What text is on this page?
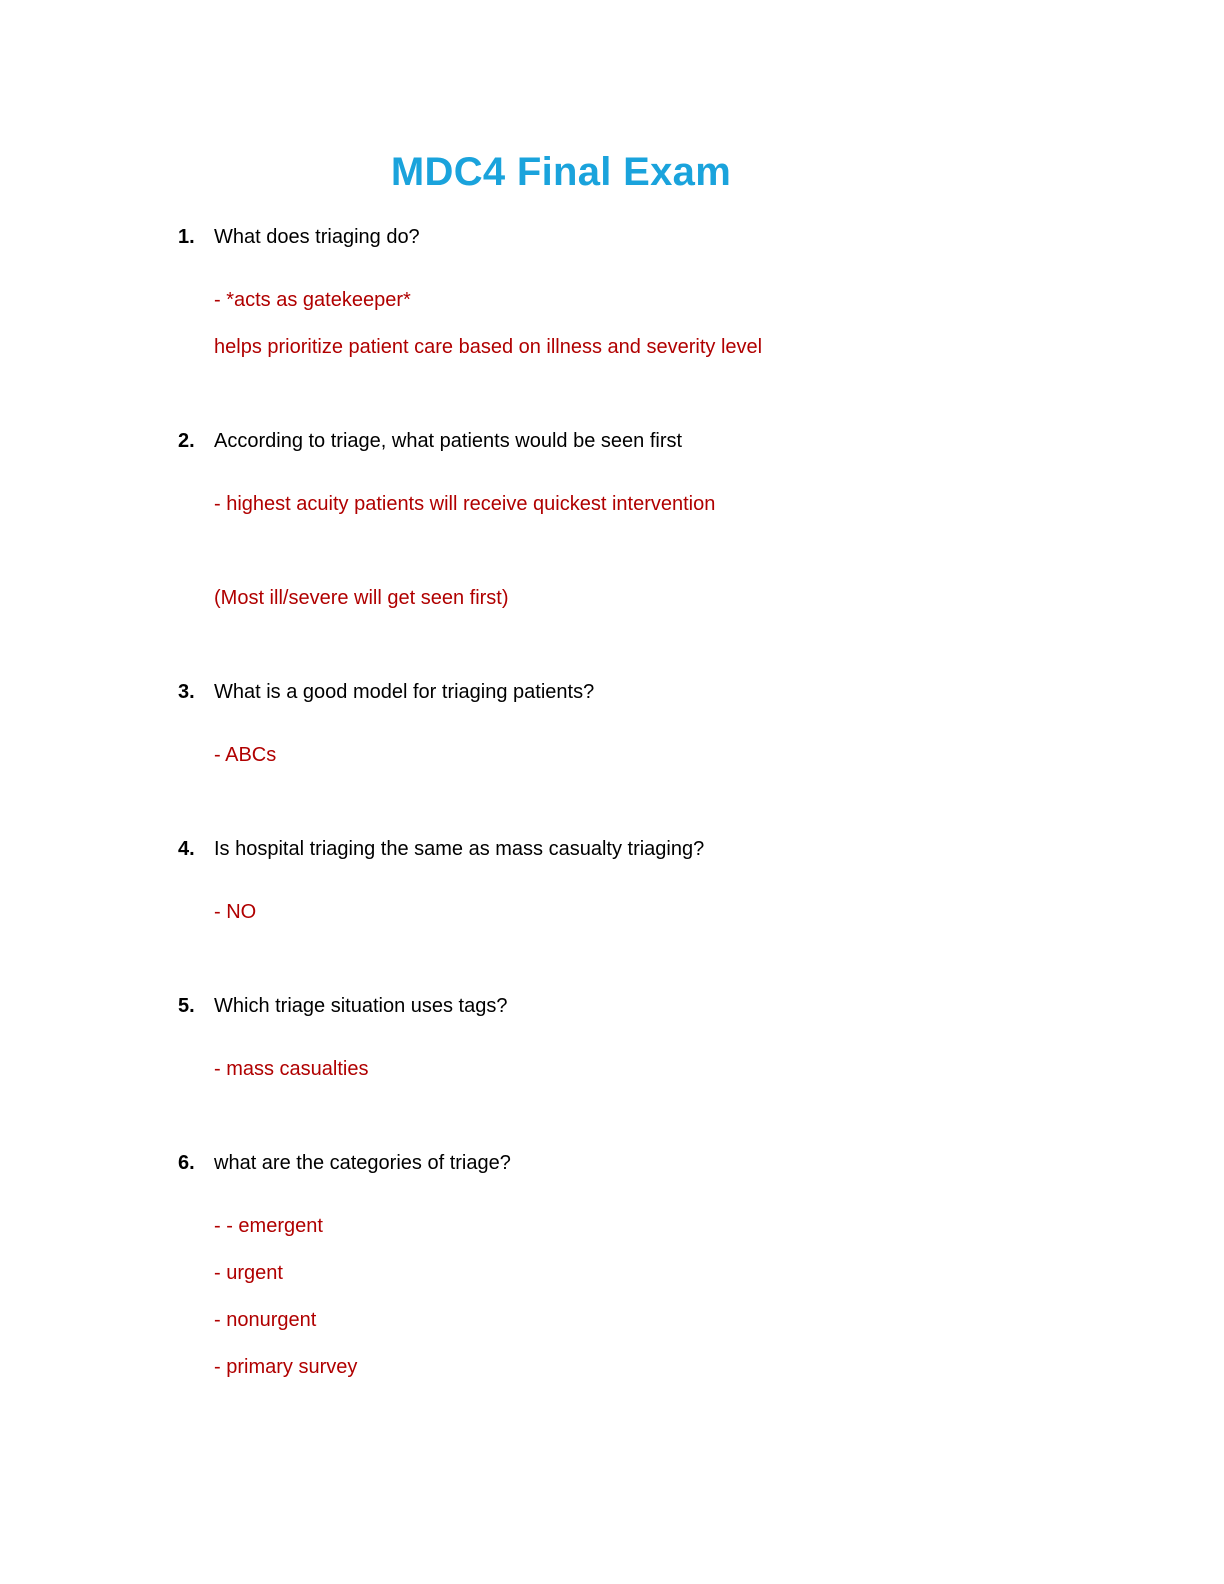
MDC4 Final Exam
1. What does triaging do?
- *acts as gatekeeper*
helps prioritize patient care based on illness and severity level
2. According to triage, what patients would be seen first
- highest acuity patients will receive quickest intervention
(Most ill/severe will get seen first)
3. What is a good model for triaging patients?
- ABCs
4. Is hospital triaging the same as mass casualty triaging?
- NO
5. Which triage situation uses tags?
- mass casualties
6. what are the categories of triage?
- - emergent
- urgent
- nonurgent
- primary survey
